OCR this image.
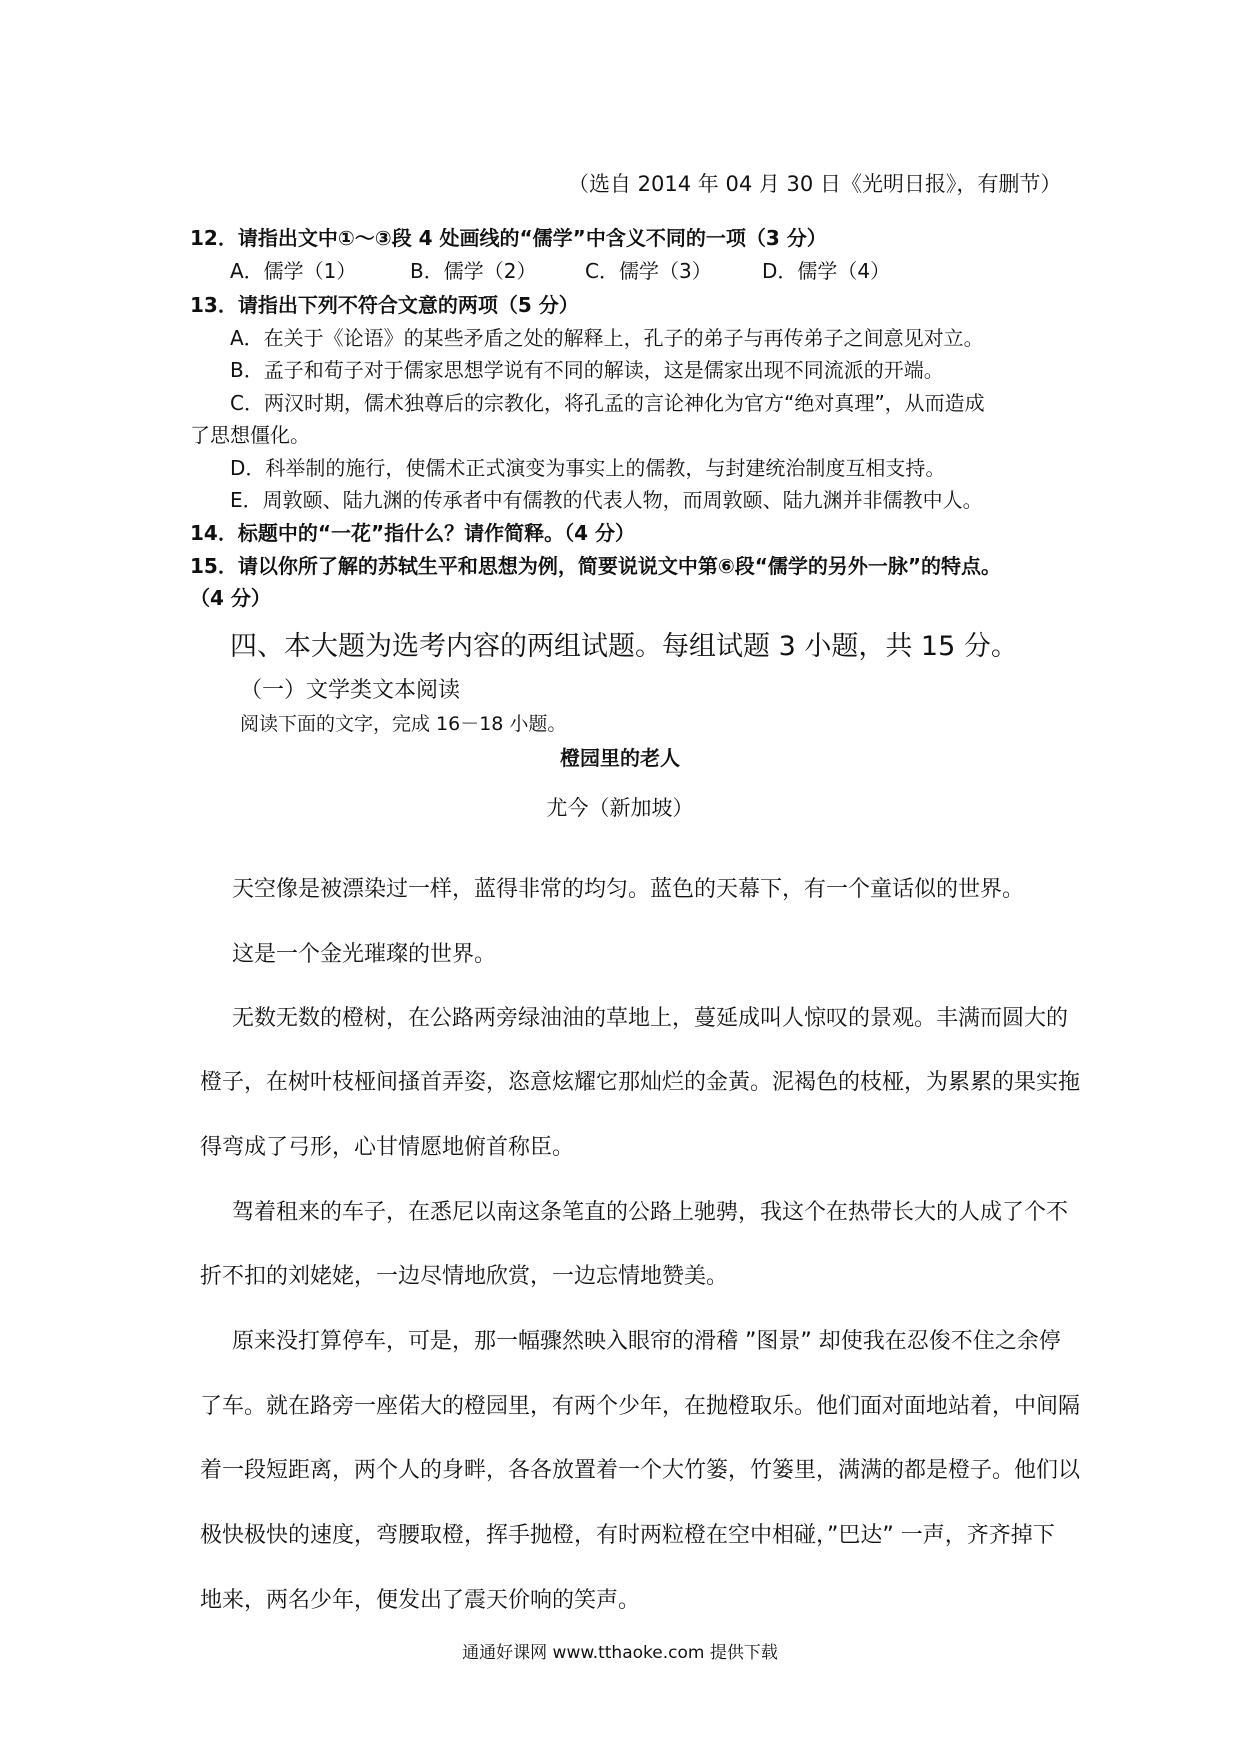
（选自 2014 年 04 月 30 日《光明日报》，有删节）
12．请指出文中①～③段 4 处画线的“儒学”中含义不同的一项（3 分）
A．儒学（1）	B．儒学（2） C．儒学（3）	D．儒学（4）
13．请指出下列不符合文意的两项（5 分）
A．在关于《论语》的某些矛盾之处的解释上，孔子的弟子与再传弟子之间意见对立。
B．孟子和荀子对于儒家思想学说有不同的解读，这是儒家出现不同流派的开端。
C．两汉时期，儒术独尊后的宗教化，将孔孟的言论神化为官方“绝对真理”，从而造成
了思想僵化。
D．科举制的施行，使儒术正式演变为事实上的儒教，与封建统治制度互相支持。
E．周敦颐、陆九渊的传承者中有儒教的代表人物，而周敦颐、陆九渊并非儒教中人。
14．标题中的“一花”指什么？请作简释。（4 分）
15．请以你所了解的苏轼生平和思想为例，简要说说文中第⑥段“儒学的另外一脉”的特点。
（4 分）
四、本大题为选考内容的两组试题。每组试题 3 小题，共 15 分。
（一）文学类文本阅读
阅读下面的文字，完成 16－18 小题。
橙园里的老人
尤今（新加坡）
天空像是被漂染过一样，蓝得非常的均匀。蓝色的天幕下，有一个童话似的世界。
这是一个金光璀璨的世界。
无数无数的橙树，在公路两旁绿油油的草地上，蔓延成叫人惊叹的景观。丰满而圆大的
橙子，在树叶枝桠间搔首弄姿，恣意炫耀它那灿烂的金黃。泥褐色的枝桠，为累累的果实拖
得弯成了弓形，心甘情愿地俯首称臣。
驾着租来的车子，在悉尼以南这条笔直的公路上驰骋，我这个在热带长大的人成了个不
折不扣的刘姥姥，一边尽情地欣赏，一边忘情地赞美。
原来没打算停车，可是，那一幅骤然映入眼帘的滑稽 ”图景” 却使我在忍俊不住之余停
了车。就在路旁一座偌大的橙园里，有两个少年，在抛橙取乐。他们面对面地站着，中间隔
着一段短距离，两个人的身畔，各各放置着一个大竹篓，竹篓里，满满的都是橙子。他们以
极快极快的速度，弯腰取橙，挥手抛橙，有时两粒橙在空中相碰，”巴达” 一声，齐齐掉下
地来，两名少年，便发出了震天价响的笑声。
通通好课网 www.tthaoke.com 提供下载
